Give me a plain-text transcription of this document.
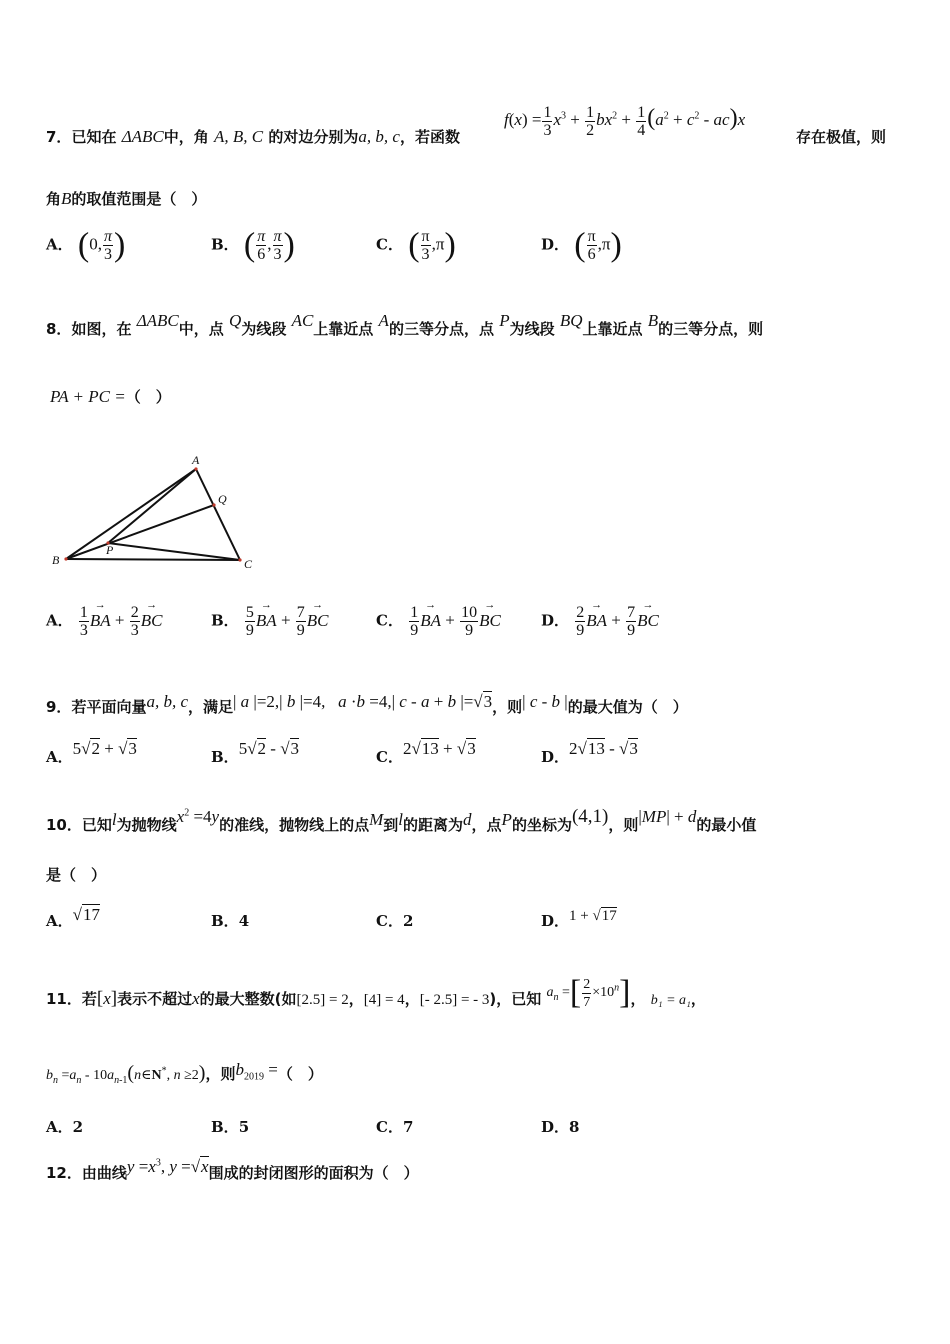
7．已知在 ΔABC中，角 A, B, C 的对边分别为a, b, c，若函数
$f(x) = \frac{1}{3} x^3 + \frac{1}{2} bx^2 + \frac{1}{4} (a^2 + c^2 - ac)x$
存在极值，则
角B的取值范围是（　）
A． (0, $\frac{\pi}{3}$ )	B． ( $\frac{\pi}{6}$ , $\frac{\pi}{3}$ )	C． ( $\frac{\pi}{3} ,\pi$)	D． ( $\frac{\pi}{6} ,\pi$)
8．如图，在 ΔABC中，点 Q为线段 AC上靠近点 A的三等分点，点 P为线段 BQ上靠近点 B的三等分点，则
PA + PC =（　）
A
Q
P
B	C
A． $\frac{1}{3}$ → BA + $\frac{2}{3}$ → BC	B． $\frac{5}{9}$ → BA + $\frac{7}{9}$ → BC	C． $\frac{1}{9}$ → BA + $\frac{10}{9}$ → BC	D． $\frac{2}{9}$ → BA + $\frac{7}{9}$ → BC
9．若平面向量a, b, c，满足| a |=2,| b |=4,   a ·b =4,| c - a + b |=√3，则| c - b |的最大值为（　）
A．5√2 + √3	B．5√2 - √3	C．2√13 + √3	D．2√13 - √3
10．已知l为抛物线$x^2 =4y$的准线，抛物线上的点M到l的距离为d，点P的坐标为(4,1)，则|MP| + d的最小值
是（　）
A．√17	B．4	C．2	D．1 + √17
11．若[x]表示不超过x的最大整数(如[2.5] = 2，[4] = 4，[- 2.5] = - 3)，已知 $a_n$ =[ $\frac{2}{7} \times 10^n$]， b₁ = a₁，
$b_n =a_n$ - $10a_{n-1}(n\in N^*$, n ≥2)，则$b_{2019}$ =（　）
A．2	B．5	C．7	D．8
12．由曲线$y =x^3$, y =√x围成的封闭图形的面积为（　）
